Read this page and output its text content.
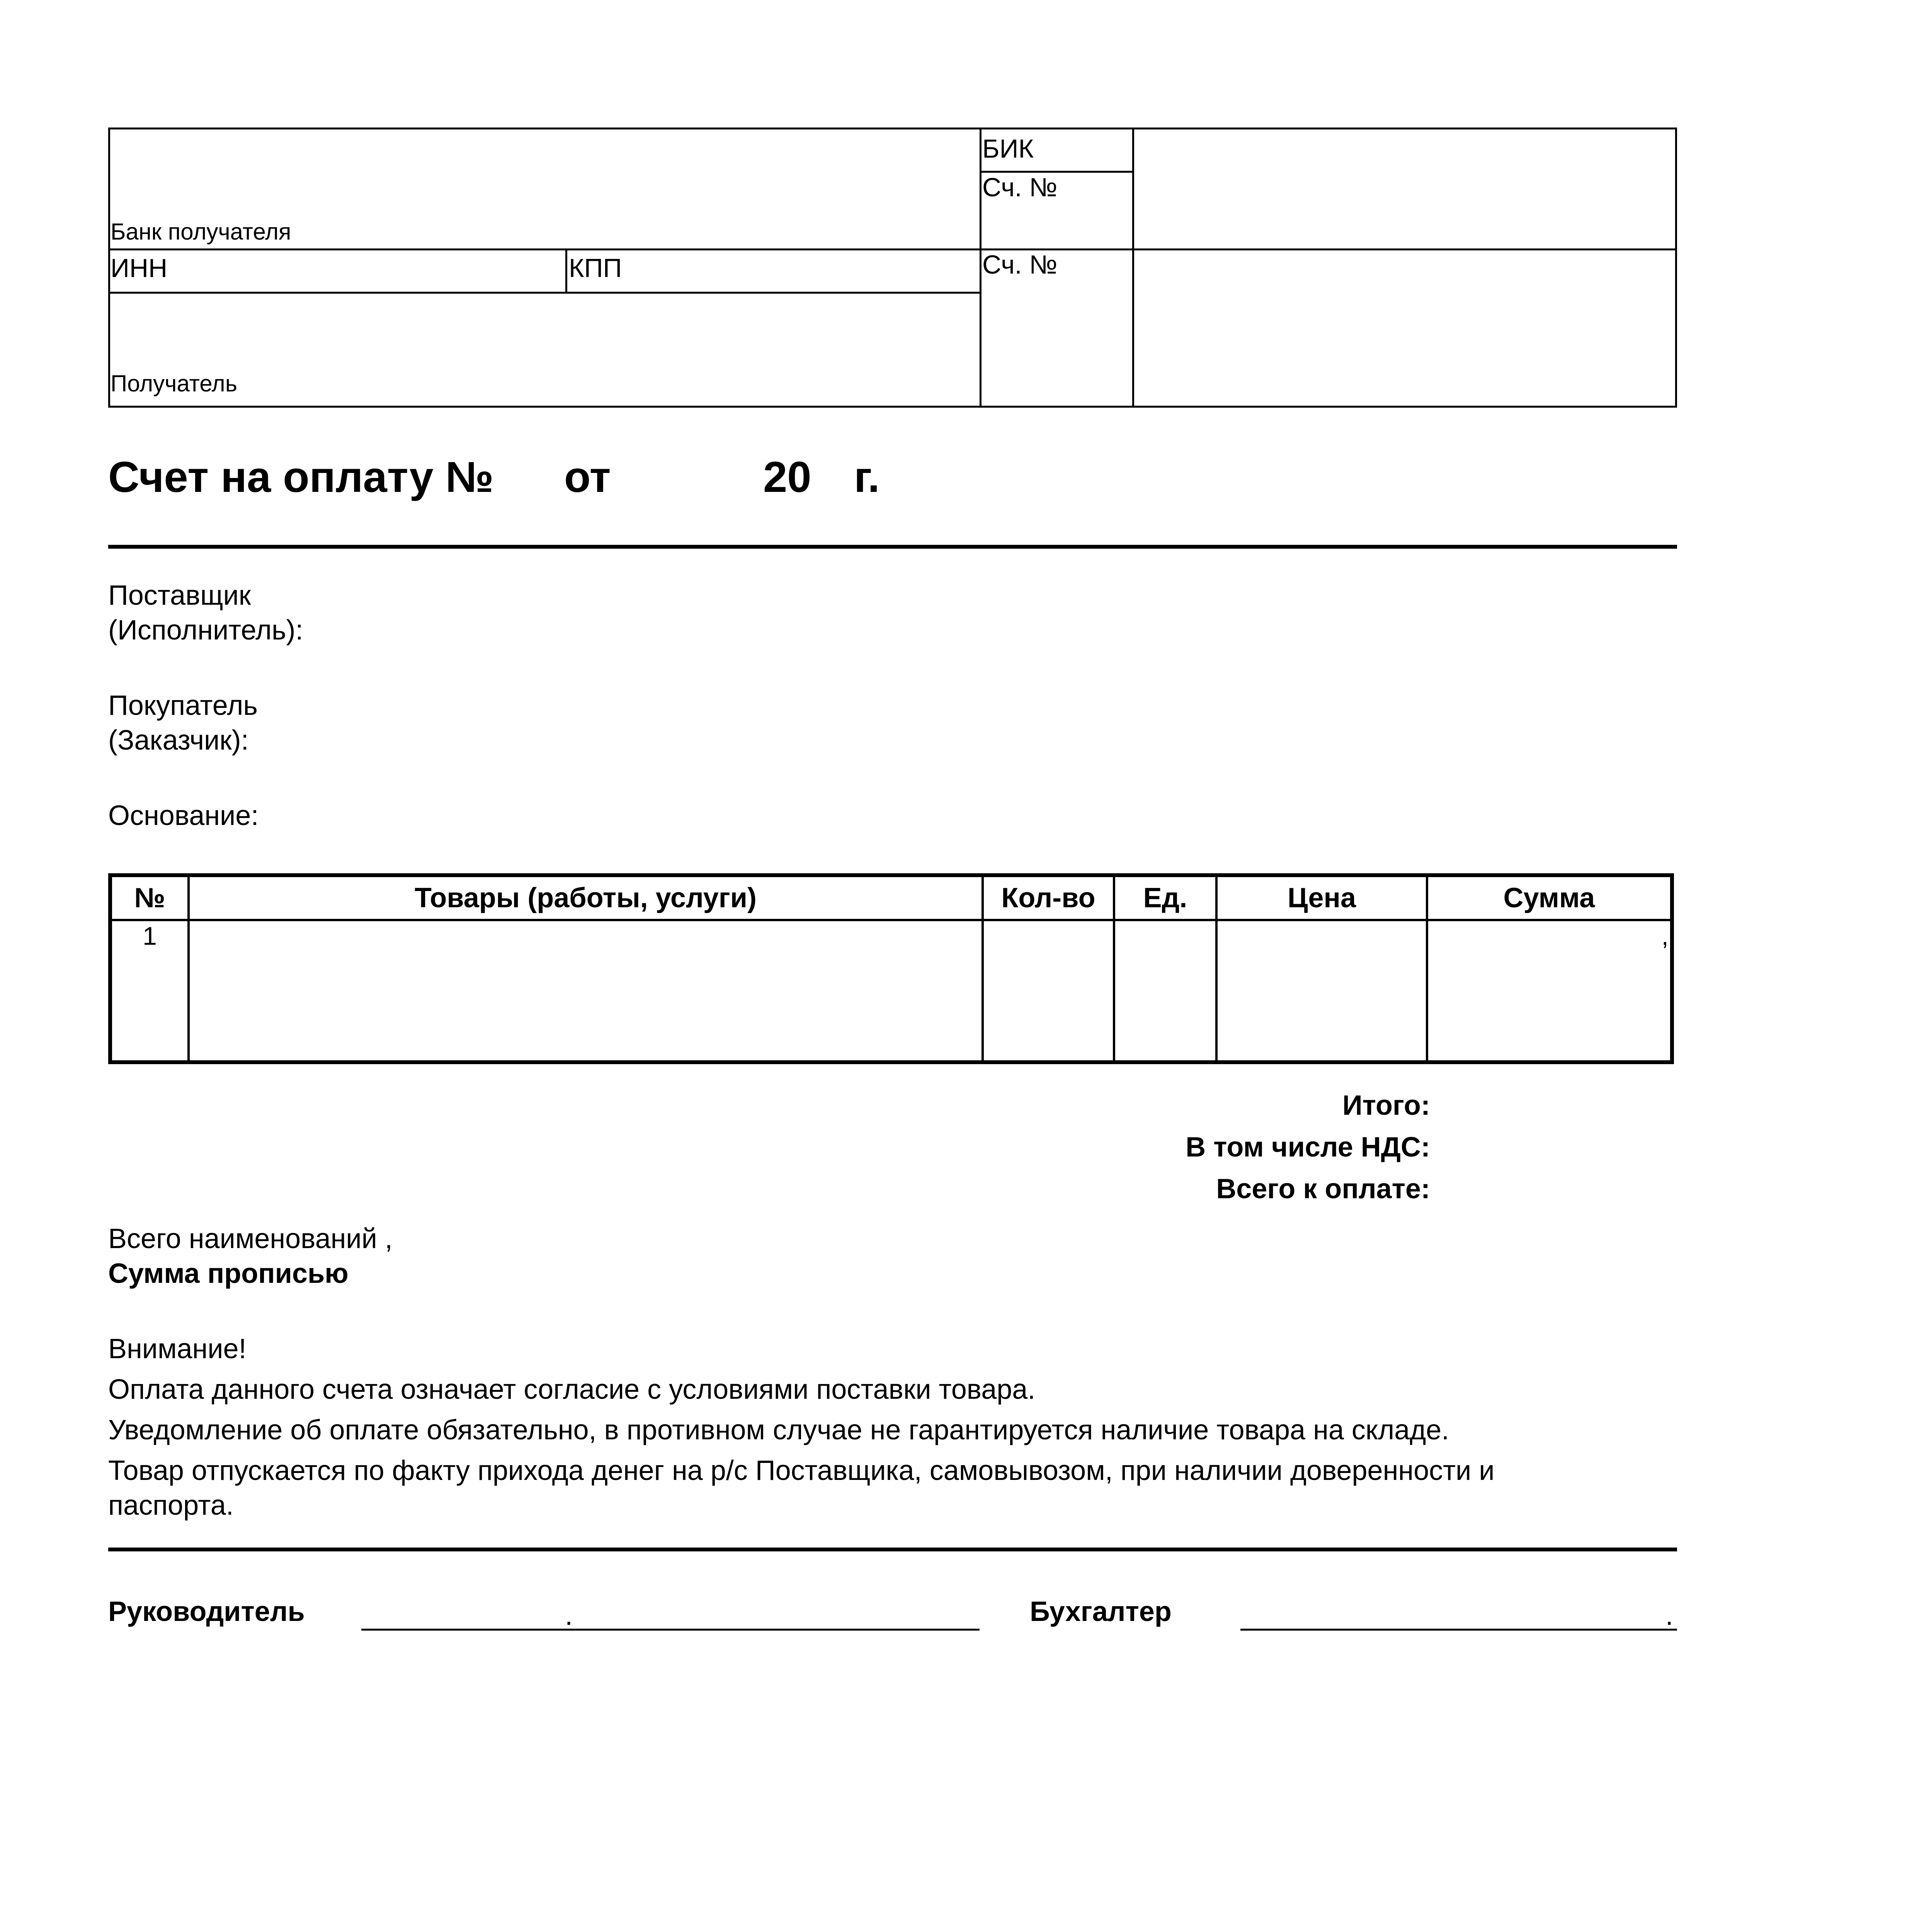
БИК
Сч. №
Банк получателя
ИНН	КПП	Сч. №
Получатель
Счет на оплату № от	20 г.
Поставщик
(Исполнитель):
Покупатель
(Заказчик):
Основание:
№	Товары (работы, услуги)	Кол-во	Ед.	Цена	Сумма
1					,
Итого:
В том числе НДС:
Всего к оплате:
Всего наименований ,
Сумма прописью
Внимание!
Оплата данного счета означает согласие с условиями поставки товара.
Уведомление об оплате обязательно, в противном случае не гарантируется наличие товара на складе.
Товар отпускается по факту прихода денег на р/с Поставщика, самовывозом, при наличии доверенности и
паспорта.
Руководитель	.	Бухгалтер	.
